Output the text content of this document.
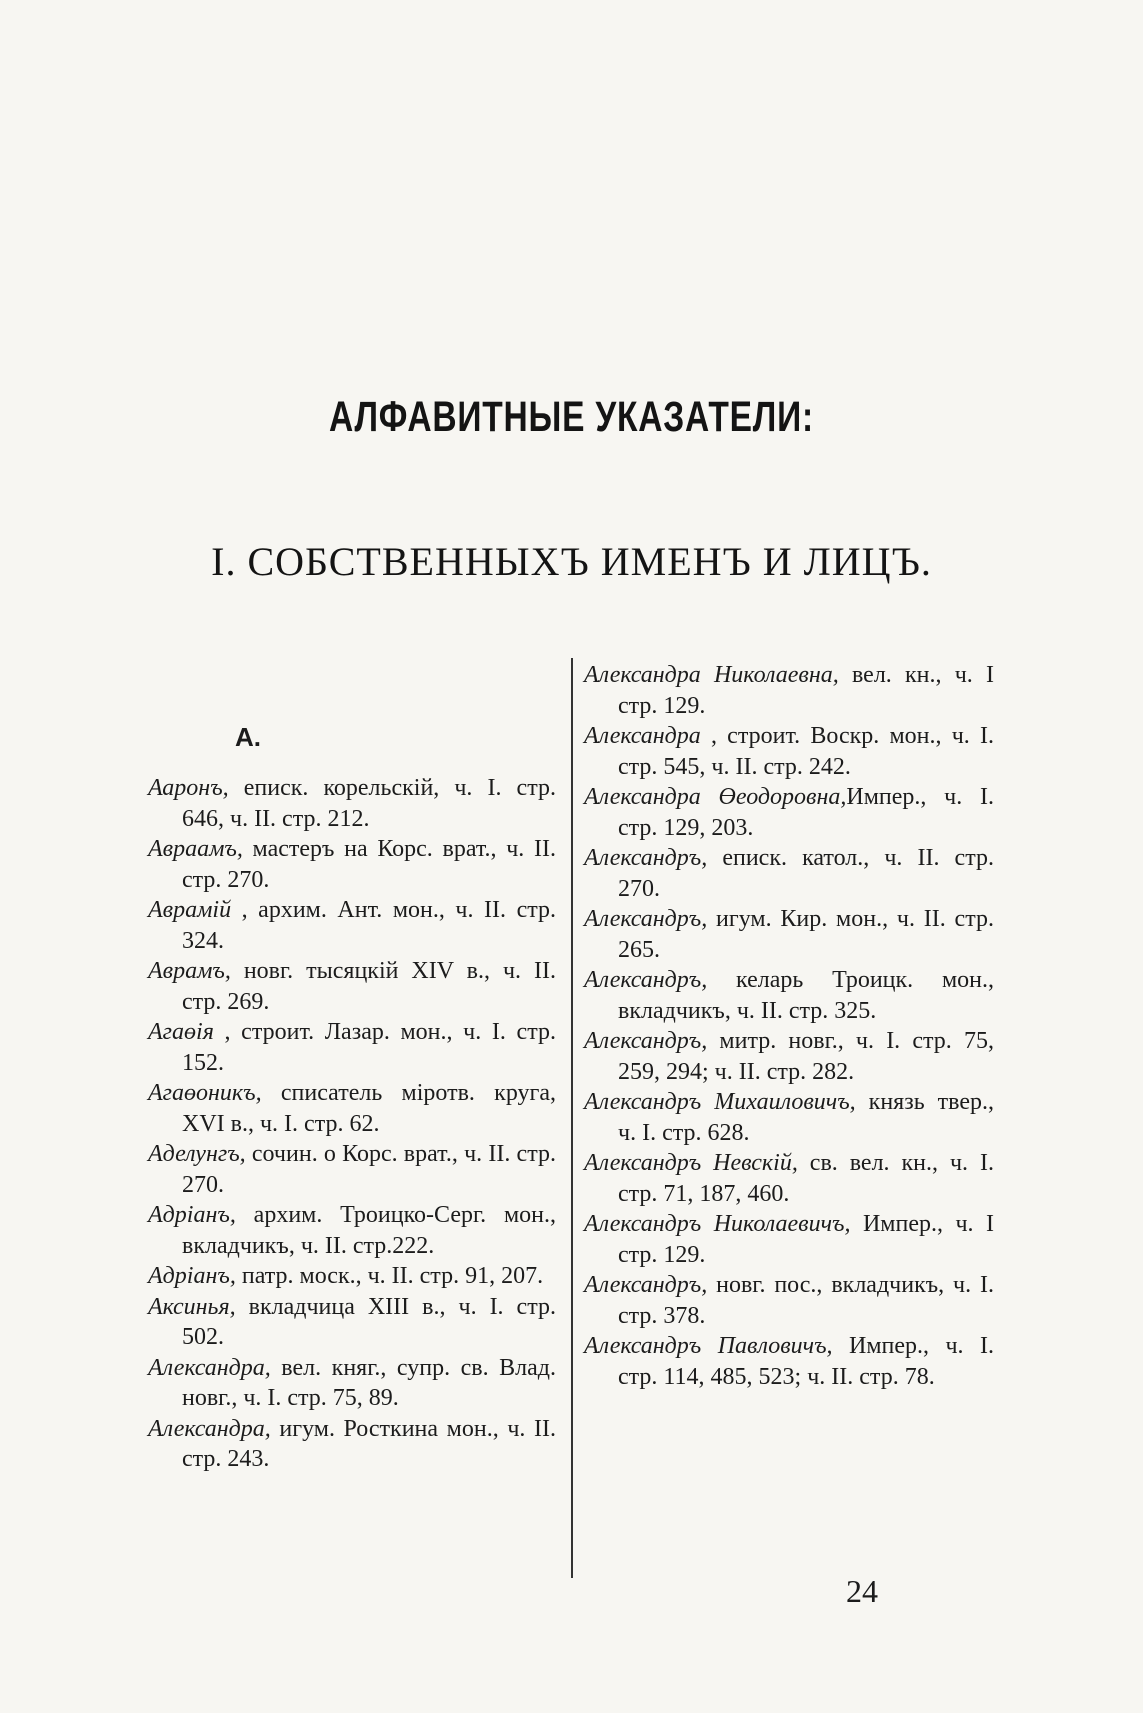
АЛФАВИТНЫЕ УКАЗАТЕЛИ:
I. СОБСТВЕННЫХЪ ИМЕНЪ И ЛИЦЪ.
А.

Ааронъ, епиcк. корельскій, ч. I. стр. 646, ч. II. стр. 212.

Авраамъ, мастеръ на Корс. врат., ч. II. стр. 270.

Аврамій , архим. Ант. мон., ч. II. стр. 324.

Аврамъ, новг. тысяцкій XIV в., ч. II. стр. 269.

Агаөія , строит. Лазар. мон., ч. I. стр. 152.

Агаөоникъ, списатель міротв. круга, XVI в., ч. I. стр. 62.

Аделунгъ, сочин. о Корс. врат., ч. II. стр. 270.

Адріанъ, архим. Троицко-Серг. мон., вкладчикъ, ч. II. стр.222.

Адріанъ, патр. моск., ч. II. стр. 91, 207.

Аксинья, вкладчица XIII в., ч. I. стр. 502.

Александра, вел. княг., супр. св. Влад. новг., ч. I. стр. 75, 89.

Александра, игум. Росткина мон., ч. II. стр. 243.

Александра Николаевна, вел. кн., ч. I стр. 129.

Александра , строит. Воскр. мон., ч. I. стр. 545, ч. II. стр. 242.

Александра Өеодоровна,Импер., ч. I. стр. 129, 203.

Александръ, епиcк. катол., ч. II. стр. 270.

Александръ, игум. Кир. мон., ч. II. стр. 265.

Александръ, келарь Троицк. мон., вкладчикъ, ч. II. стр. 325.

Александръ, митр. новг., ч. I. стр. 75, 259, 294; ч. II. стр. 282.

Александръ Михаиловичъ, князь твер., ч. I. стр. 628.

Александръ Невскій, св. вел. кн., ч. I. стр. 71, 187, 460.

Александръ Николаевичъ, Импер., ч. I стр. 129.

Александръ, новг. пос., вкладчикъ, ч. I. стр. 378.

Александръ Павловичъ, Импер., ч. I. стр. 114, 485, 523; ч. II. стр. 78.

24
